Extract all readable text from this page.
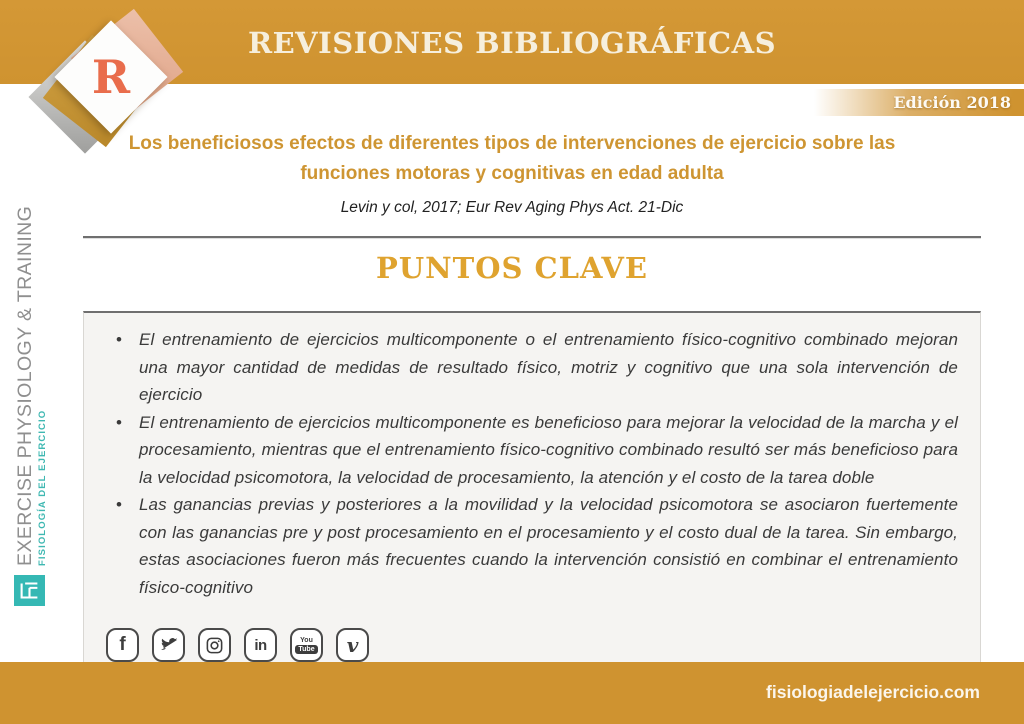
REVISIONES BIBLIOGRÁFICAS
R	Edición 2018
Los beneficiosos efectos de diferentes tipos de intervenciones de ejercicio sobre las funciones motoras y cognitivas en edad adulta
Levin y col, 2017; Eur Rev Aging Phys Act. 21-Dic
PUNTOS CLAVE
• El entrenamiento de ejercicios multicomponente o el entrenamiento físico-cognitivo combinado mejoran una mayor cantidad de medidas de resultado físico, motriz y cognitivo que una sola intervención de ejercicio
• El entrenamiento de ejercicios multicomponente es beneficioso para mejorar la velocidad de la marcha y el procesamiento, mientras que el entrenamiento físico-cognitivo combinado resultó ser más beneficioso para la velocidad psicomotora, la velocidad de procesamiento, la atención y el costo de la tarea doble
• Las ganancias previas y posteriores a la movilidad y la velocidad psicomotora se asociaron fuertemente con las ganancias pre y post procesamiento en el procesamiento y el costo dual de la tarea. Sin embargo, estas asociaciones fueron más frecuentes cuando la intervención consistió en combinar el entrenamiento físico-cognitivo
f	in	You
Tube v
EXERCISE PHYSIOLOGY & TRAINING FISIOLOGÍA DEL EJERCICIO
fisiologiadelejercicio.com
